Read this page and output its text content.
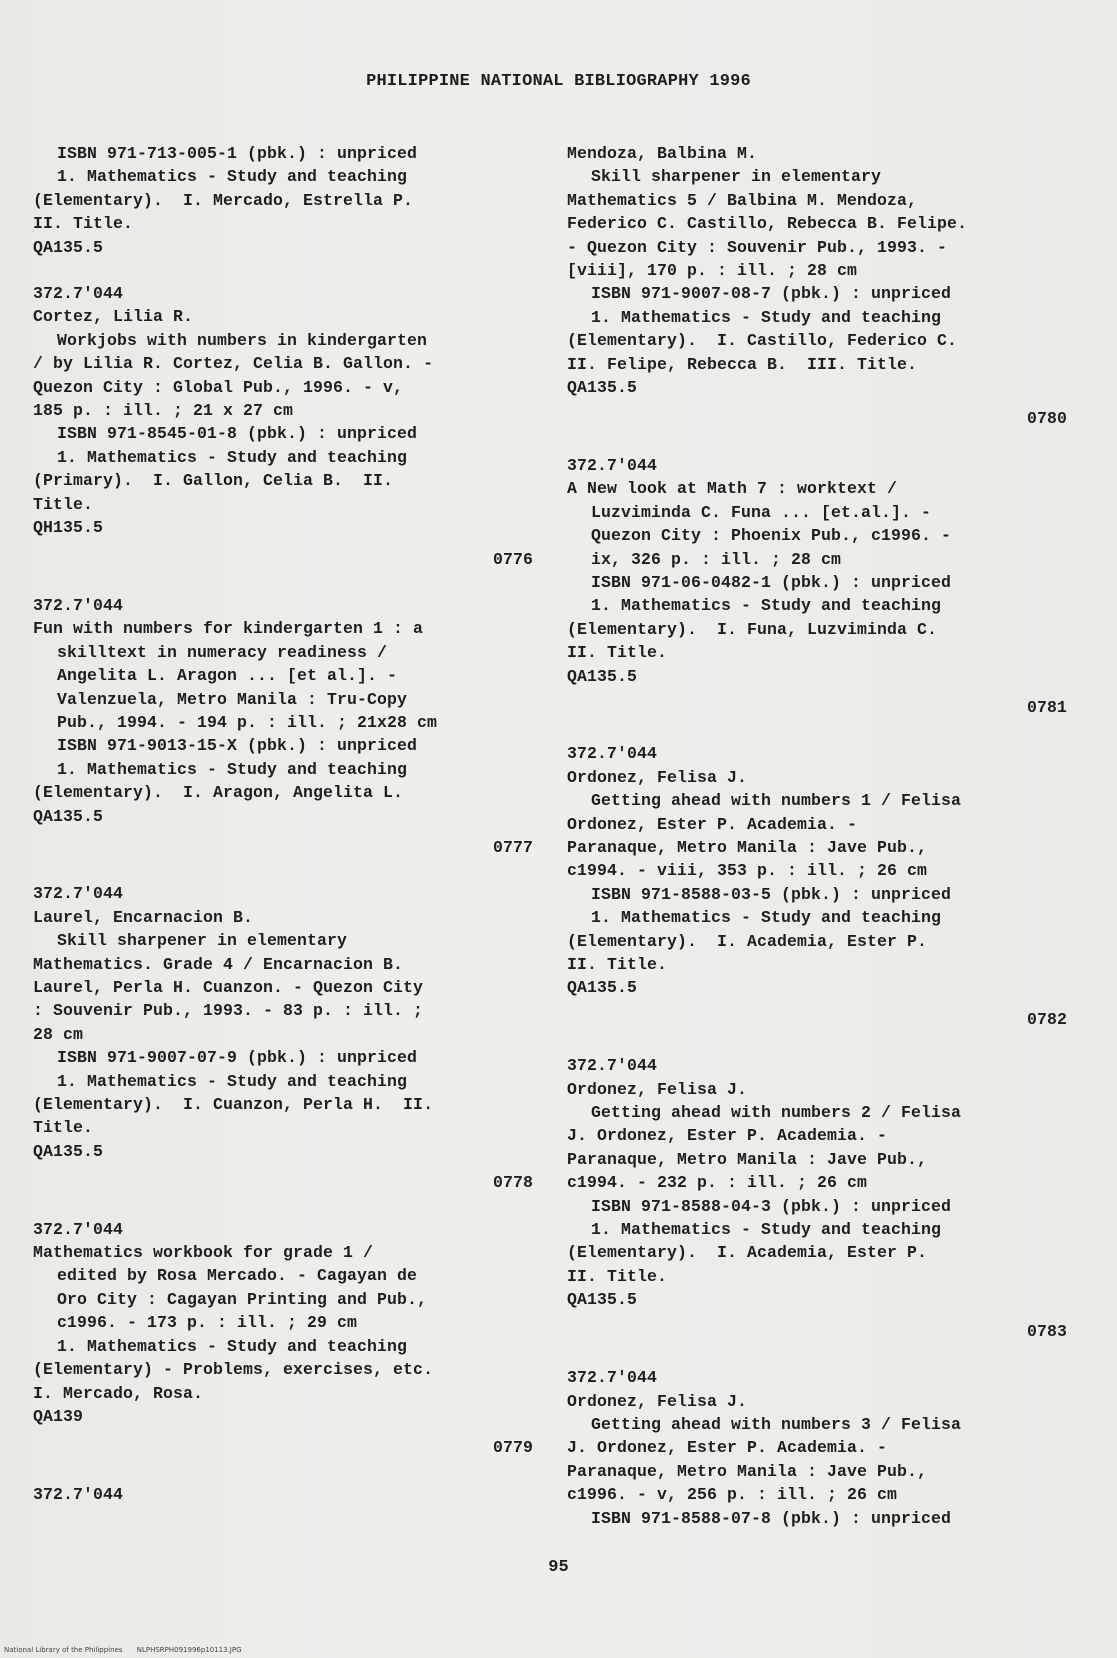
PHILIPPINE NATIONAL BIBLIOGRAPHY 1996
ISBN 971-713-005-1 (pbk.) : unpriced
1. Mathematics - Study and teaching
(Elementary).  I. Mercado, Estrella P.
II. Title.
QA135.5
372.7'044
Cortez, Lilia R.
Workjobs with numbers in kindergarten
/ by Lilia R. Cortez, Celia B. Gallon. -
Quezon City : Global Pub., 1996. - v,
185 p. : ill. ; 21 x 27 cm
ISBN 971-8545-01-8 (pbk.) : unpriced
1. Mathematics - Study and teaching
(Primary).  I. Gallon, Celia B.  II.
Title.
QH135.5
0776
372.7'044
Fun with numbers for kindergarten 1 : a
skilltext in numeracy readiness /
Angelita L. Aragon ... [et al.]. -
Valenzuela, Metro Manila : Tru-Copy
Pub., 1994. - 194 p. : ill. ; 21x28 cm
ISBN 971-9013-15-X (pbk.) : unpriced
1. Mathematics - Study and teaching
(Elementary).  I. Aragon, Angelita L.
QA135.5
0777
372.7'044
Laurel, Encarnacion B.
Skill sharpener in elementary
Mathematics. Grade 4 / Encarnacion B.
Laurel, Perla H. Cuanzon. - Quezon City
: Souvenir Pub., 1993. - 83 p. : ill. ;
28 cm
ISBN 971-9007-07-9 (pbk.) : unpriced
1. Mathematics - Study and teaching
(Elementary).  I. Cuanzon, Perla H.  II.
Title.
QA135.5
0778
372.7'044
Mathematics workbook for grade 1 /
edited by Rosa Mercado. - Cagayan de
Oro City : Cagayan Printing and Pub.,
c1996. - 173 p. : ill. ; 29 cm
1. Mathematics - Study and teaching
(Elementary) - Problems, exercises, etc.
I. Mercado, Rosa.
QA139
0779
372.7'044
Mendoza, Balbina M.
Skill sharpener in elementary
Mathematics 5 / Balbina M. Mendoza,
Federico C. Castillo, Rebecca B. Felipe.
- Quezon City : Souvenir Pub., 1993. -
[viii], 170 p. : ill. ; 28 cm
ISBN 971-9007-08-7 (pbk.) : unpriced
1. Mathematics - Study and teaching
(Elementary).  I. Castillo, Federico C.
II. Felipe, Rebecca B.  III. Title.
QA135.5
0780
372.7'044
A New look at Math 7 : worktext /
Luzviminda C. Funa ... [et.al.]. -
Quezon City : Phoenix Pub., c1996. -
ix, 326 p. : ill. ; 28 cm
ISBN 971-06-0482-1 (pbk.) : unpriced
1. Mathematics - Study and teaching
(Elementary).  I. Funa, Luzviminda C.
II. Title.
QA135.5
0781
372.7'044
Ordonez, Felisa J.
Getting ahead with numbers 1 / Felisa
Ordonez, Ester P. Academia. -
Paranaque, Metro Manila : Jave Pub.,
c1994. - viii, 353 p. : ill. ; 26 cm
ISBN 971-8588-03-5 (pbk.) : unpriced
1. Mathematics - Study and teaching
(Elementary).  I. Academia, Ester P.
II. Title.
QA135.5
0782
372.7'044
Ordonez, Felisa J.
Getting ahead with numbers 2 / Felisa
J. Ordonez, Ester P. Academia. -
Paranaque, Metro Manila : Jave Pub.,
c1994. - 232 p. : ill. ; 26 cm
ISBN 971-8588-04-3 (pbk.) : unpriced
1. Mathematics - Study and teaching
(Elementary).  I. Academia, Ester P.
II. Title.
QA135.5
0783
372.7'044
Ordonez, Felisa J.
Getting ahead with numbers 3 / Felisa
J. Ordonez, Ester P. Academia. -
Paranaque, Metro Manila : Jave Pub.,
c1996. - v, 256 p. : ill. ; 26 cm
ISBN 971-8588-07-8 (pbk.) : unpriced
95
National Library of the Philippines NLPHSRPH091996p10113.JPG
